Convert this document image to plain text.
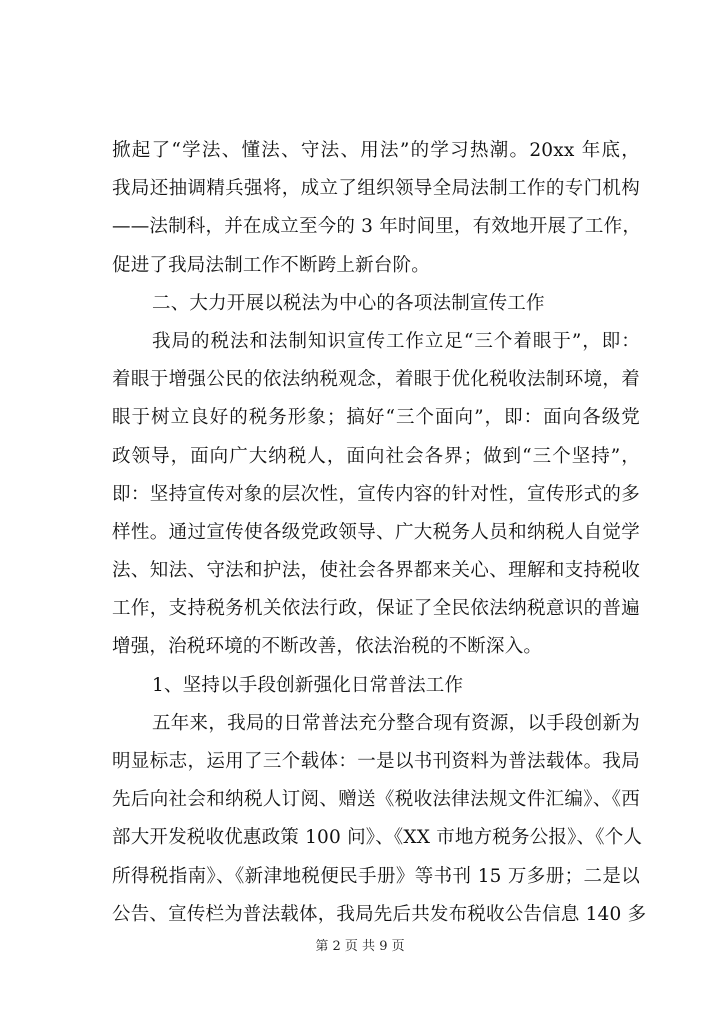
掀起了“学法、懂法、守法、用法”的学习热潮。20xx 年底，
我局还抽调精兵强将，成立了组织领导全局法制工作的专门机构
——法制科，并在成立至今的 3 年时间里，有效地开展了工作，
促进了我局法制工作不断跨上新台阶。
二、大力开展以税法为中心的各项法制宣传工作
我局的税法和法制知识宣传工作立足“三个着眼于”，即：
着眼于增强公民的依法纳税观念，着眼于优化税收法制环境，着
眼于树立良好的税务形象；搞好“三个面向”，即：面向各级党
政领导，面向广大纳税人，面向社会各界；做到“三个坚持”，
即：坚持宣传对象的层次性，宣传内容的针对性，宣传形式的多
样性。通过宣传使各级党政领导、广大税务人员和纳税人自觉学
法、知法、守法和护法，使社会各界都来关心、理解和支持税收
工作，支持税务机关依法行政，保证了全民依法纳税意识的普遍
增强，治税环境的不断改善，依法治税的不断深入。
1、坚持以手段创新强化日常普法工作
五年来，我局的日常普法充分整合现有资源，以手段创新为
明显标志，运用了三个载体：一是以书刊资料为普法载体。我局
先后向社会和纳税人订阅、赠送《税收法律法规文件汇编》、《西
部大开发税收优惠政策 100 问》、《XX 市地方税务公报》、《个人
所得税指南》、《新津地税便民手册》等书刊 15 万多册；二是以
公告、宣传栏为普法载体，我局先后共发布税收公告信息 140 多
第 2 页 共 9 页
